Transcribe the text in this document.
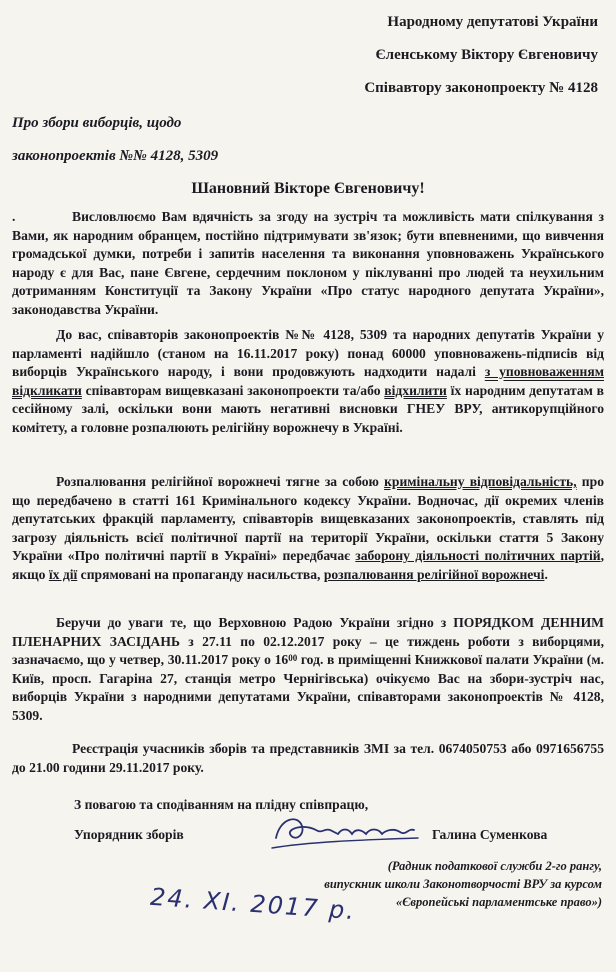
Народному депутатові України
Єленському Віктору Євгеновичу
Співавтору законопроекту № 4128
Про збори виборців, щодо
законопроектів №№ 4128, 5309
Шановний Вікторе Євгеновичу!

.	Висловлюємо Вам вдячність за згоду на зустріч та можливість мати спілкування з Вами, як народним обранцем, постійно підтримувати зв'язок; бути впевненими, що вивчення громадської думки, потреби і запитів населення та виконання уповноважень Українського народу є для Вас, пане Євгене, сердечним поклоном у піклуванні про людей та неухильним дотриманням Конституції та Закону України «Про статус народного депутата України», законодавства України.

До вас, співавторів законопроектів №№ 4128, 5309 та народних депутатів України у парламенті надійшло (станом на 16.11.2017 року) понад 60000 уповноважень-підписів від виборців Українського народу, і вони продовжують надходити надалі з уповноваженням відкликати співавторам вищевказані законопроекти та/або відхилити їх народним депутатам в сесійному залі, оскільки вони мають негативні висновки ГНЕУ ВРУ, антикорупційного комітету, а головне розпалюють релігійну ворожнечу в Україні.

Розпалювання релігійної ворожнечі тягне за собою кримінальну відповідальність, про що передбачено в статті 161 Кримінального кодексу України. Водночас, дії окремих членів депутатських фракцій парламенту, співавторів вищевказаних законопроектів, ставлять під загрозу діяльність всієї політичної партії на території України, оскільки стаття 5 Закону України «Про політичні партії в Україні» передбачає заборону діяльності політичних партій, якщо їх дії спрямовані на пропаганду насильства, розпалювання релігійної ворожнечі.

Беручи до уваги те, що Верховною Радою України згідно з ПОРЯДКОМ ДЕННИМ ПЛЕНАРНИХ ЗАСІДАНЬ з 27.11 по 02.12.2017 року – це тиждень роботи з виборцями, зазначаємо, що у четвер, 30.11.2017 року о $16^{00}$ год. в приміщенні Книжкової палати України (м. Київ, просп. Гагаріна 27, станція метро Чернігівська) очікуємо Вас на збори-зустріч нас, виборців України з народними депутатами України, співавторами законопроектів № 4128, 5309.

Реєстрація учасників зборів та представників ЗМІ за тел. 0674050753 або 0971656755 до 21.00 години 29.11.2017 року.

З повагою та сподіванням на плідну співпрацю,
Упорядник зборів	Галина Суменкова
(Радник податкової служби 2-го рангу,
випускник школи Законотворчості ВРУ за курсом
«Європейські парламентське право»)
24. XI. 2017 р.
